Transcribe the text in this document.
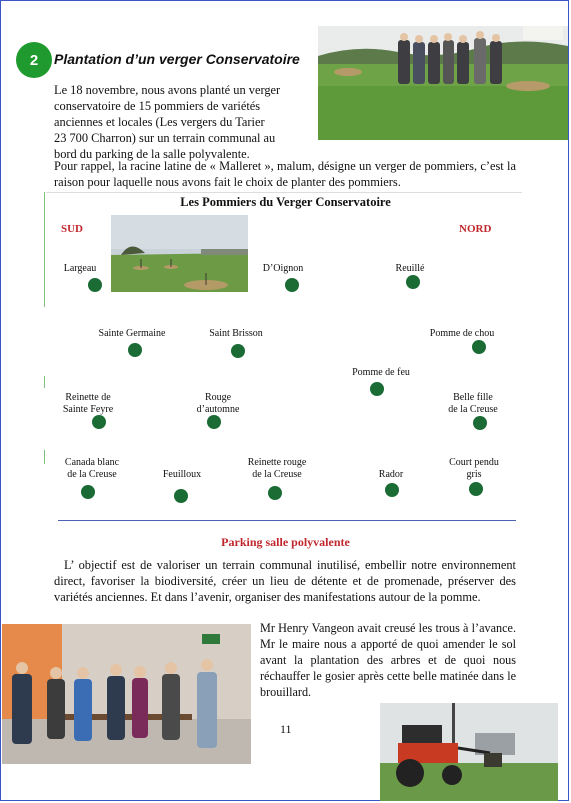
2	Plantation d’un verger Conservatoire

Le 18 novembre, nous avons planté un verger

conservatoire de 15 pommiers de variétés

anciennes et locales (Les vergers du Tarier

23 700 Charron) sur un terrain communal au

bord du parking de la salle polyvalente.

Pour rappel, la racine latine de « Malleret », malum, désigne un verger de pommiers, c’est la raison pour laquelle nous avons fait le choix de planter des pommiers.

Les Pommiers du Verger Conservatoire
SUD	NORD
Largeau	D’Oignon	Reuillé
Sainte Germaine	Saint Brisson	Pomme de chou
Pomme de feu
Reinette de
Sainte Feyre
Rouge
d’automne
Belle fille
de la Creuse
Canada blanc
de la Creuse	Feuilloux
Reinette rouge
de la Creuse	Rador
Court pendu
gris
Parking salle polyvalente

L’ objectif est de valoriser un terrain communal inutilisé, embellir notre environnement direct, favoriser la biodiversité, créer un lieu de détente et de promenade, préserver des variétés anciennes. Et dans l’avenir, organiser des manifestations autour de la pomme.

Mr Henry Vangeon avait creusé les trous à l’avance. Mr le maire nous a apporté de quoi amender le sol avant la plantation des arbres et de quoi nous réchauffer le gosier après cette belle matinée dans le brouillard.

11
